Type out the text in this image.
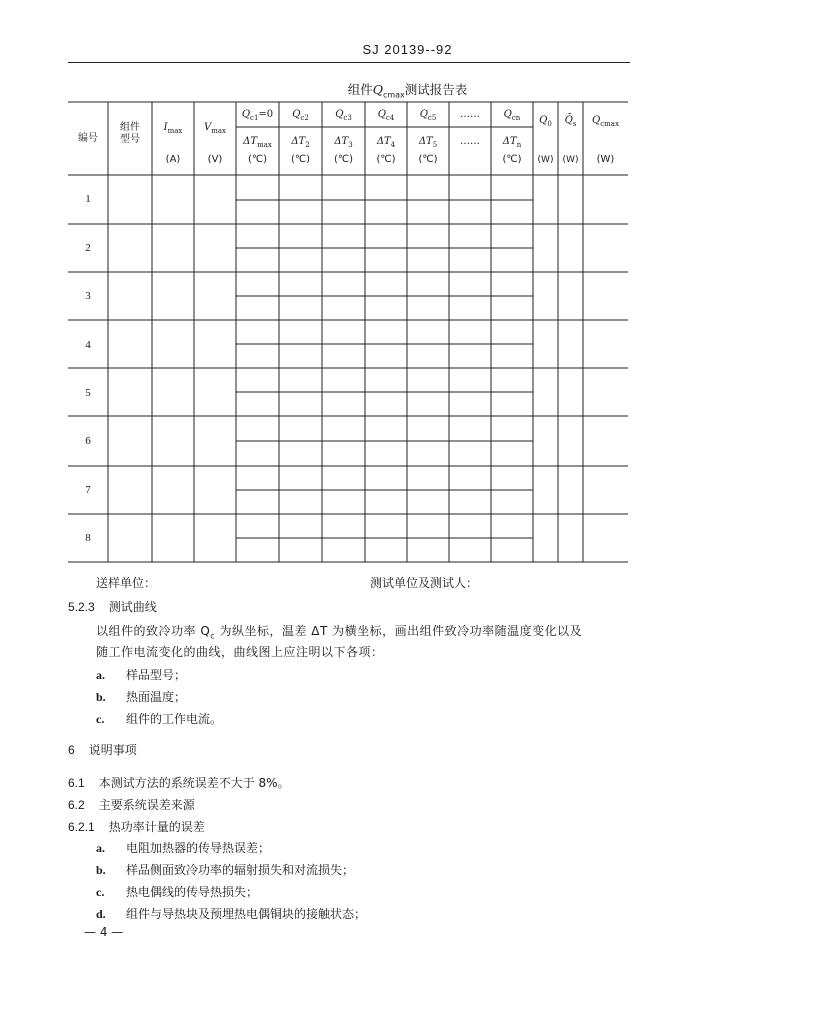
SJ 20139--92
组件$Q_{cmax}$测试报告表
编号
组件
型号
$I_{max}$
(A)
$V_{max}$
(V)
$Q_{c1}=0$
$\Delta T_{max}$
(℃)
$Q_{c2}$
$\Delta T_2$
(℃)
$Q_{c3}$
$\Delta T_3$
(℃)
$Q_{c4}$
$\Delta T_4$
(℃)
$Q_{c5}$
$\Delta T_5$
(℃)
……
……
$Q_{cn}$
$\Delta T_n$
(℃)
$Q_0$
(W)
$Q̄_s$
(W)
$Q_{cmax}$
(W)
1
2
3
4
5
6
7
8
送样单位：	测试单位及测试人：
5.2.3 测试曲线
以组件的致冷功率 $Q_c$ 为纵坐标，温差 ΔT 为横坐标，画出组件致冷功率随温度变化以及
随工作电流变化的曲线，曲线图上应注明以下各项：
a. 样品型号；
b. 热面温度；
c. 组件的工作电流。
6 说明事项
6.1 本测试方法的系统误差不大于 8%。
6.2 主要系统误差来源
6.2.1 热功率计量的误差
a. 电阻加热器的传导热误差；
b. 样品侧面致冷功率的辐射损失和对流损失；
c. 热电偶线的传导热损失；
d. 组件与导热块及预埋热电偶铜块的接触状态；
— 4 —
